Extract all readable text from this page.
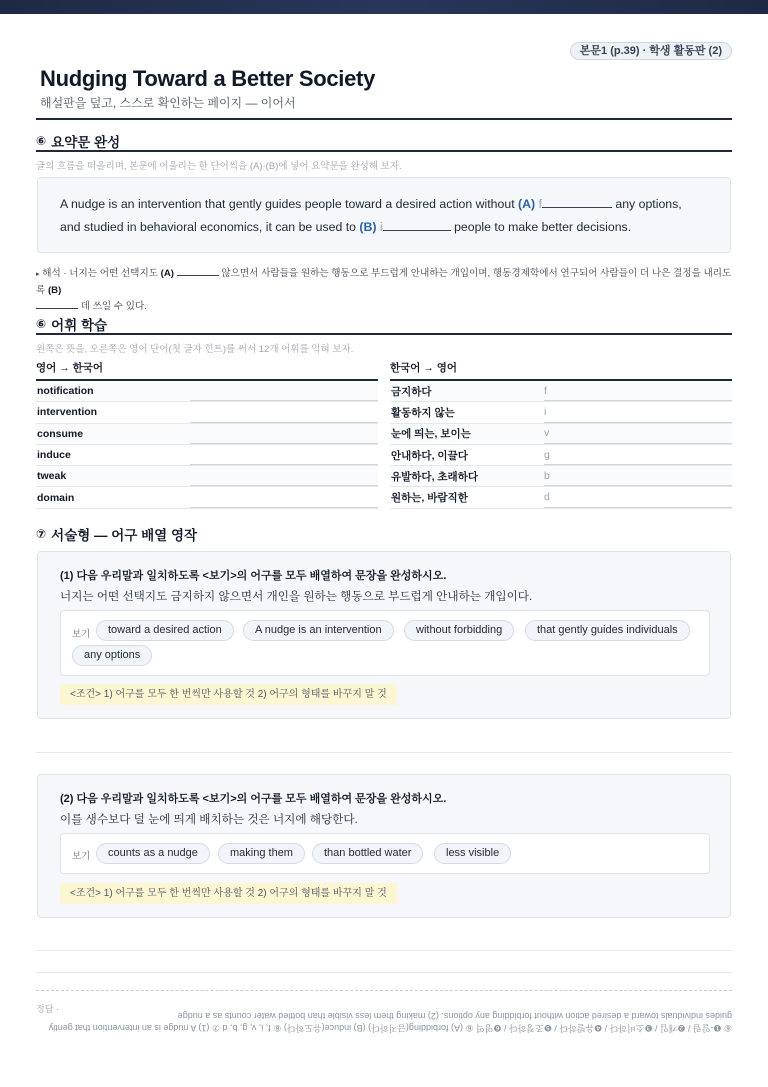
본문1 (p.39) · 학생 활동판 (2)
Nudging Toward a Better Society
해설판을 덮고, 스스로 확인하는 페이지 — 이어서
⑥ 요약문 완성
글의 흐름을 떠올리며, 본문에 어울리는 한 단어씩을 (A)·(B)에 넣어 요약문을 완성해 보자.
A nudge is an intervention that gently guides people toward a desired action without (A) f	any options,
and studied in behavioral economics, it can be used to (B) i	people to make better decisions.
▸ 해석 · 너지는 어떤 선택지도 (A)	않으면서 사람들을 원하는 행동으로 부드럽게 안내하는 개입이며, 행동경제학에서 연구되어 사람들이 더 나은 결정을 내리도록 (B)
데 쓰일 수 있다.
⑥ 어휘 학습
왼쪽은 뜻을, 오른쪽은 영어 단어(첫 글자 힌트)를 써서 12개 어휘를 익혀 보자.
영어 → 한국어
notification
intervention
consume
induce
tweak
domain
한국어 → 영어
금지하다	f
활동하지 않는	i
눈에 띄는, 보이는	v
안내하다, 이끌다	g
유발하다, 초래하다	b
원하는, 바람직한	d
⑦ 서술형 — 어구 배열 영작
(1) 다음 우리말과 일치하도록 <보기>의 어구를 모두 배열하여 문장을 완성하시오.
너지는 어떤 선택지도 금지하지 않으면서 개인을 원하는 행동으로 부드럽게 안내하는 개입이다.
보기	toward a desired action	A nudge is an intervention	without forbidding	that gently guides individuals
any options
<조건> 1) 어구를 모두 한 번씩만 사용할 것 2) 어구의 형태를 바꾸지 말 것
(2) 다음 우리말과 일치하도록 <보기>의 어구를 모두 배열하여 문장을 완성하시오.
이를 생수보다 덜 눈에 띄게 배치하는 것은 너지에 해당한다.
보기	counts as a nudge	making them	than bottled water	less visible
<조건> 1) 어구를 모두 한 번씩만 사용할 것 2) 어구의 형태를 바꾸지 말 것
정답 ·
⑥ ❶-알림 / ❷개입 / ❸소비하다 / ❹유발하다 / ❺조정하다 / ❻영역 ⑥ (A) forbidding(금지하다) (B) induce(유도하다) ⑥ f, i, v, g, b, d ⑦ (1) A nudge is an intervention that gently guides individuals toward a desired action without forbidding any options. (2) making them less visible than bottled water counts as a nudge
